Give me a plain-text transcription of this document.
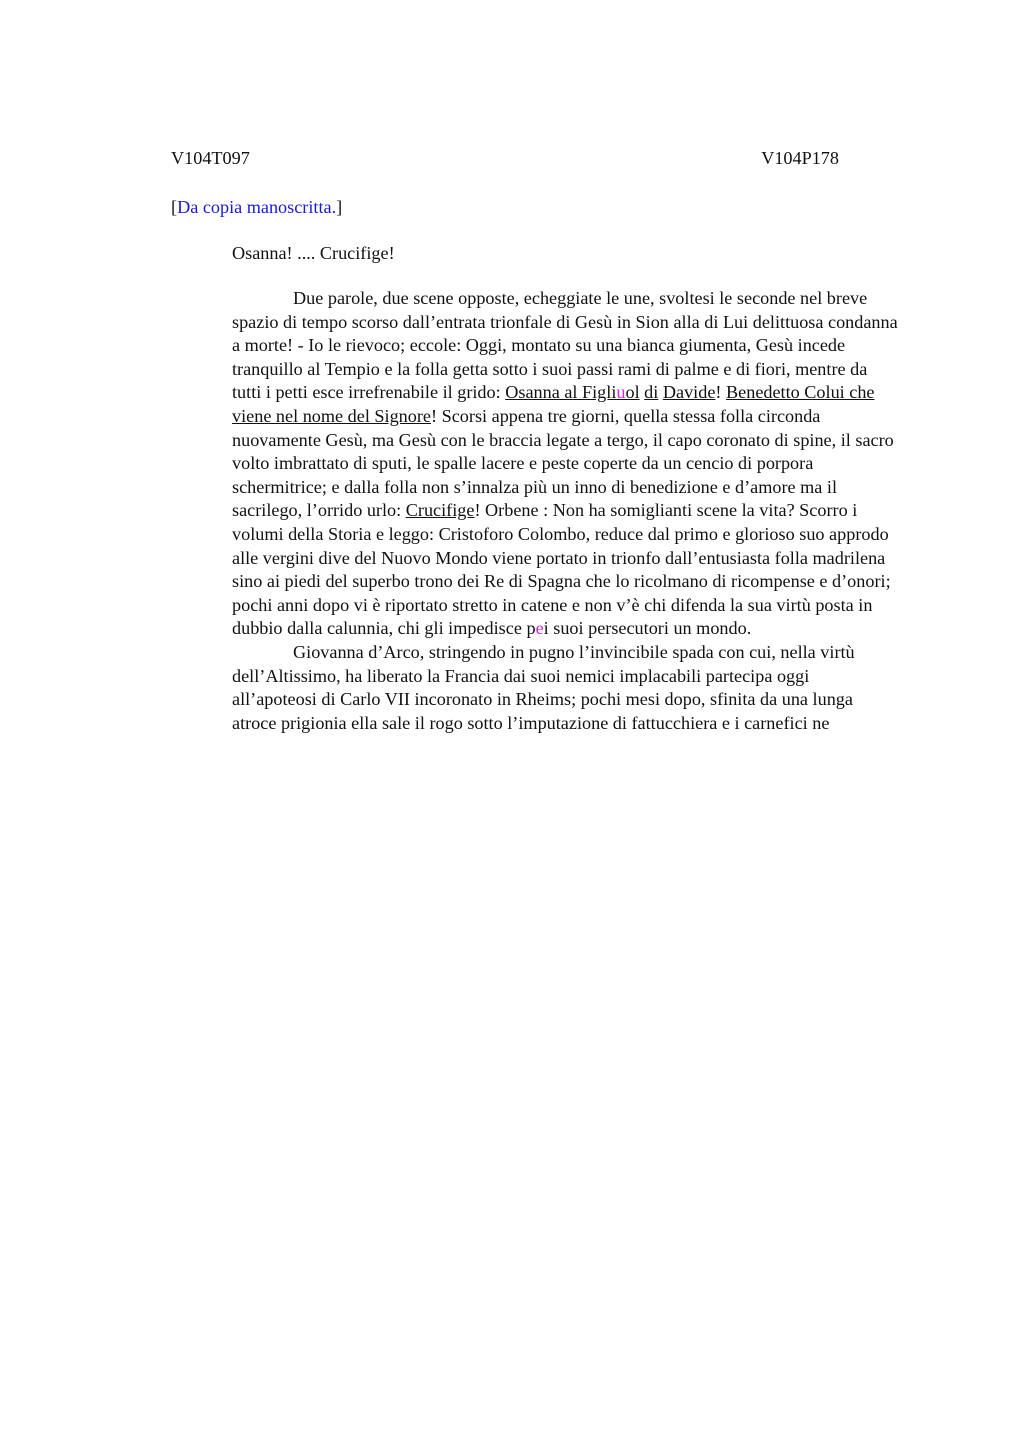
V104T097	V104P178
[Da copia manoscritta.]
Osanna! .... Crucifige!
Due parole, due scene opposte, echeggiate le une, svoltesi le seconde nel breve
spazio di tempo scorso dall’entrata trionfale di Gesù in Sion alla di Lui delittuosa condanna
a morte! - Io le rievoco; eccole: Oggi, montato su una bianca giumenta, Gesù incede
tranquillo al Tempio e la folla getta sotto i suoi passi rami di palme e di fiori, mentre da
tutti i petti esce irrefrenabile il grido: Osanna al Figliuol di Davide! Benedetto Colui che
viene nel nome del Signore! Scorsi appena tre giorni, quella stessa folla circonda
nuovamente Gesù, ma Gesù con le braccia legate a tergo, il capo coronato di spine, il sacro
volto imbrattato di sputi, le spalle lacere e peste coperte da un cencio di porpora
schermitrice; e dalla folla non s’innalza più un inno di benedizione e d’amore ma il
sacrilego, l’orrido urlo: Crucifige! Orbene : Non ha somiglianti scene la vita? Scorro i
volumi della Storia e leggo: Cristoforo Colombo, reduce dal primo e glorioso suo approdo
alle vergini dive del Nuovo Mondo viene portato in trionfo dall’entusiasta folla madrilena
sino ai piedi del superbo trono dei Re di Spagna che lo ricolmano di ricompense e d’onori;
pochi anni dopo vi è riportato stretto in catene e non v’è chi difenda la sua virtù posta in
dubbio dalla calunnia, chi gli impedisce pei suoi persecutori un mondo.
Giovanna d’Arco, stringendo in pugno l’invincibile spada con cui, nella virtù
dell’Altissimo, ha liberato la Francia dai suoi nemici implacabili partecipa oggi
all’apoteosi di Carlo VII incoronato in Rheims; pochi mesi dopo, sfinita da una lunga
atroce prigionia ella sale il rogo sotto l’imputazione di fattucchiera e i carnefici ne
